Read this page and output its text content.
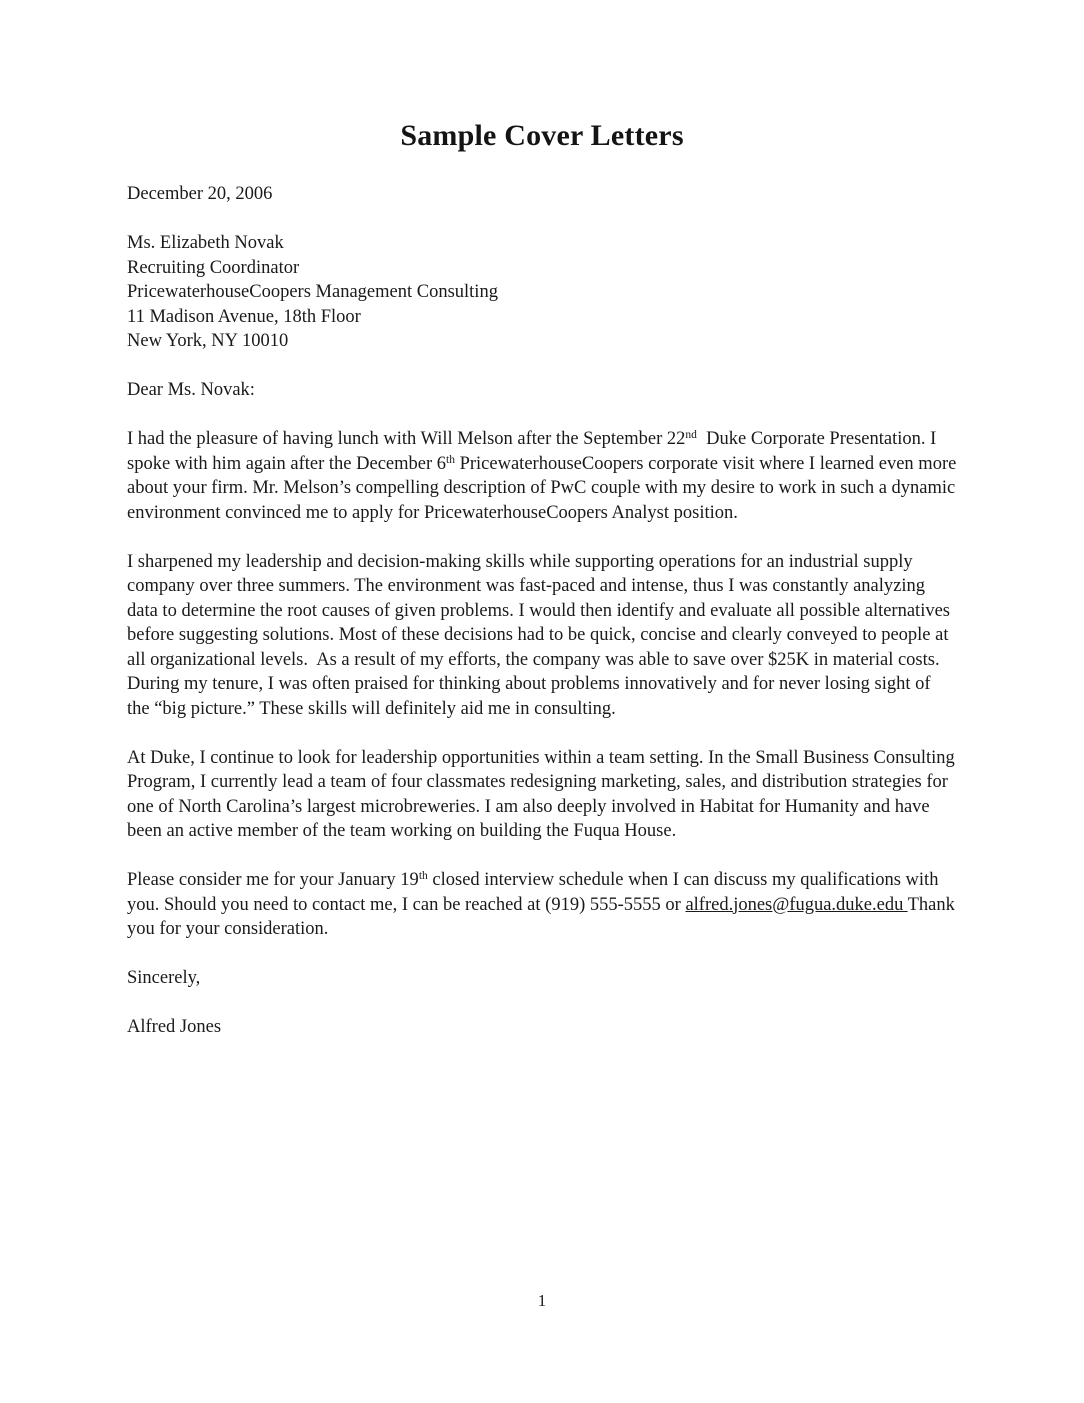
Sample Cover Letters
December 20, 2006
Ms. Elizabeth Novak
Recruiting Coordinator
PricewaterhouseCoopers Management Consulting
11 Madison Avenue, 18th Floor
New York, NY 10010
Dear Ms. Novak:

I had the pleasure of having lunch with Will Melson after the September 22nd  Duke Corporate Presentation. I spoke with him again after the December 6th PricewaterhouseCoopers corporate visit where I learned even more about your firm. Mr. Melson’s compelling description of PwC couple with my desire to work in such a dynamic environment convinced me to apply for PricewaterhouseCoopers Analyst position.

I sharpened my leadership and decision-making skills while supporting operations for an industrial supply company over three summers. The environment was fast-paced and intense, thus I was constantly analyzing data to determine the root causes of given problems. I would then identify and evaluate all possible alternatives before suggesting solutions. Most of these decisions had to be quick, concise and clearly conveyed to people at all organizational levels.  As a result of my efforts, the company was able to save over $25K in material costs.  During my tenure, I was often praised for thinking about problems innovatively and for never losing sight of the “big picture.” These skills will definitely aid me in consulting.

At Duke, I continue to look for leadership opportunities within a team setting. In the Small Business Consulting Program, I currently lead a team of four classmates redesigning marketing, sales, and distribution strategies for one of North Carolina’s largest microbreweries. I am also deeply involved in Habitat for Humanity and have been an active member of the team working on building the Fuqua House.

Please consider me for your January 19th closed interview schedule when I can discuss my qualifications with you. Should you need to contact me, I can be reached at (919) 555-5555 or alfred.jones@fugua.duke.edu Thank you for your consideration.

Sincerely,
Alfred Jones
1
